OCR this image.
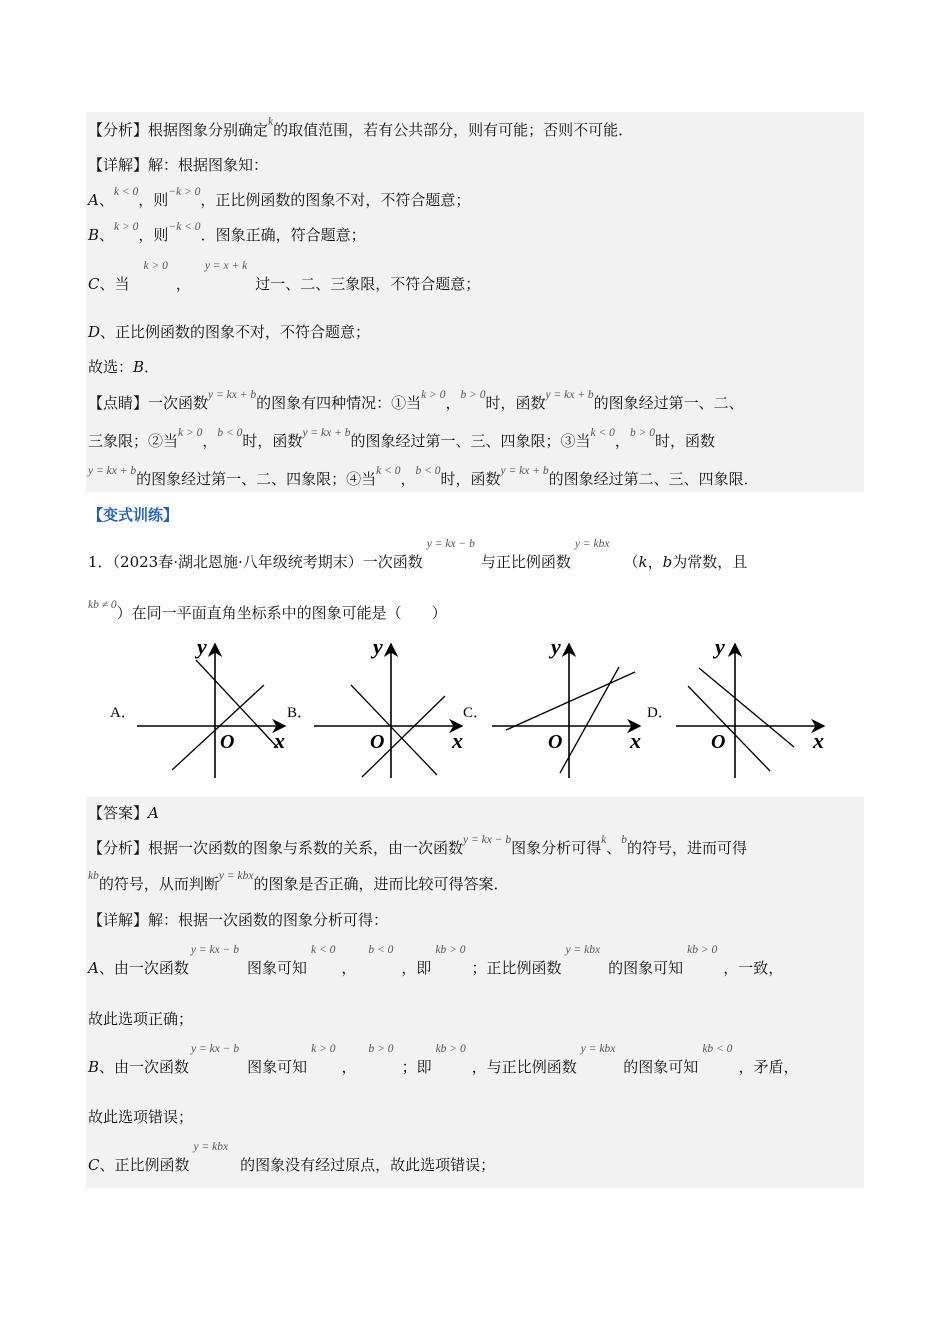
【分析】根据图象分别确定$^k$的取值范围，若有公共部分，则有可能；否则不可能．
【详解】解：根据图象知：
A、$^{k < 0}$，则$^{-k > 0}$，正比例函数的图象不对，不符合题意；
B、$^{k > 0}$，则$^{-k < 0}$．图象正确，符合题意；
C、当$^{k > 0}$，$^{y = x + k}$过一、二、三象限，不符合题意；
D、正比例函数的图象不对，不符合题意；
故选：B．
【点睛】一次函数$^{y = kx + b}$的图象有四种情况：①当$^{k > 0}$，$^{b > 0}$时，函数$^{y = kx + b}$的图象经过第一、二、
三象限；②当$^{k > 0}$，$^{b < 0}$时，函数$^{y = kx + b}$的图象经过第一、三、四象限；③当$^{k < 0}$，$^{b > 0}$时，函数
$^{y = kx + b}$的图象经过第一、二、四象限；④当$^{k < 0}$，$^{b < 0}$时，函数$^{y = kx + b}$的图象经过第二、三、四象限．
【变式训练】
1．（2023春·湖北恩施·八年级统考期末）一次函数$^{y = kx - b}$与正比例函数$^{y = kbx}$（k，b为常数，且
$^{kb \ne 0}$）在同一平面直角坐标系中的图象可能是（　　）
A．
x
y
O
B．
x
y
O
C．
x
y
O
D．
x
y
O
【答案】A
【分析】根据一次函数的图象与系数的关系，由一次函数$^{y = kx - b}$图象分析可得$^k$、$^b$的符号，进而可得
$^{kb}$的符号，从而判断$^{y = kbx}$的图象是否正确，进而比较可得答案．
【详解】解：根据一次函数的图象分析可得：
A、由一次函数$^{y = kx - b}$图象可知$^{k < 0}$，$^{b < 0}$，即$^{kb > 0}$；正比例函数$^{y = kbx}$的图象可知$^{kb > 0}$，一致，
故此选项正确；
B、由一次函数$^{y = kx - b}$图象可知$^{k > 0}$，$^{b > 0}$；即$^{kb > 0}$，与正比例函数$^{y = kbx}$的图象可知$^{kb < 0}$，矛盾，
故此选项错误；
C、正比例函数$^{y = kbx}$的图象没有经过原点，故此选项错误；
